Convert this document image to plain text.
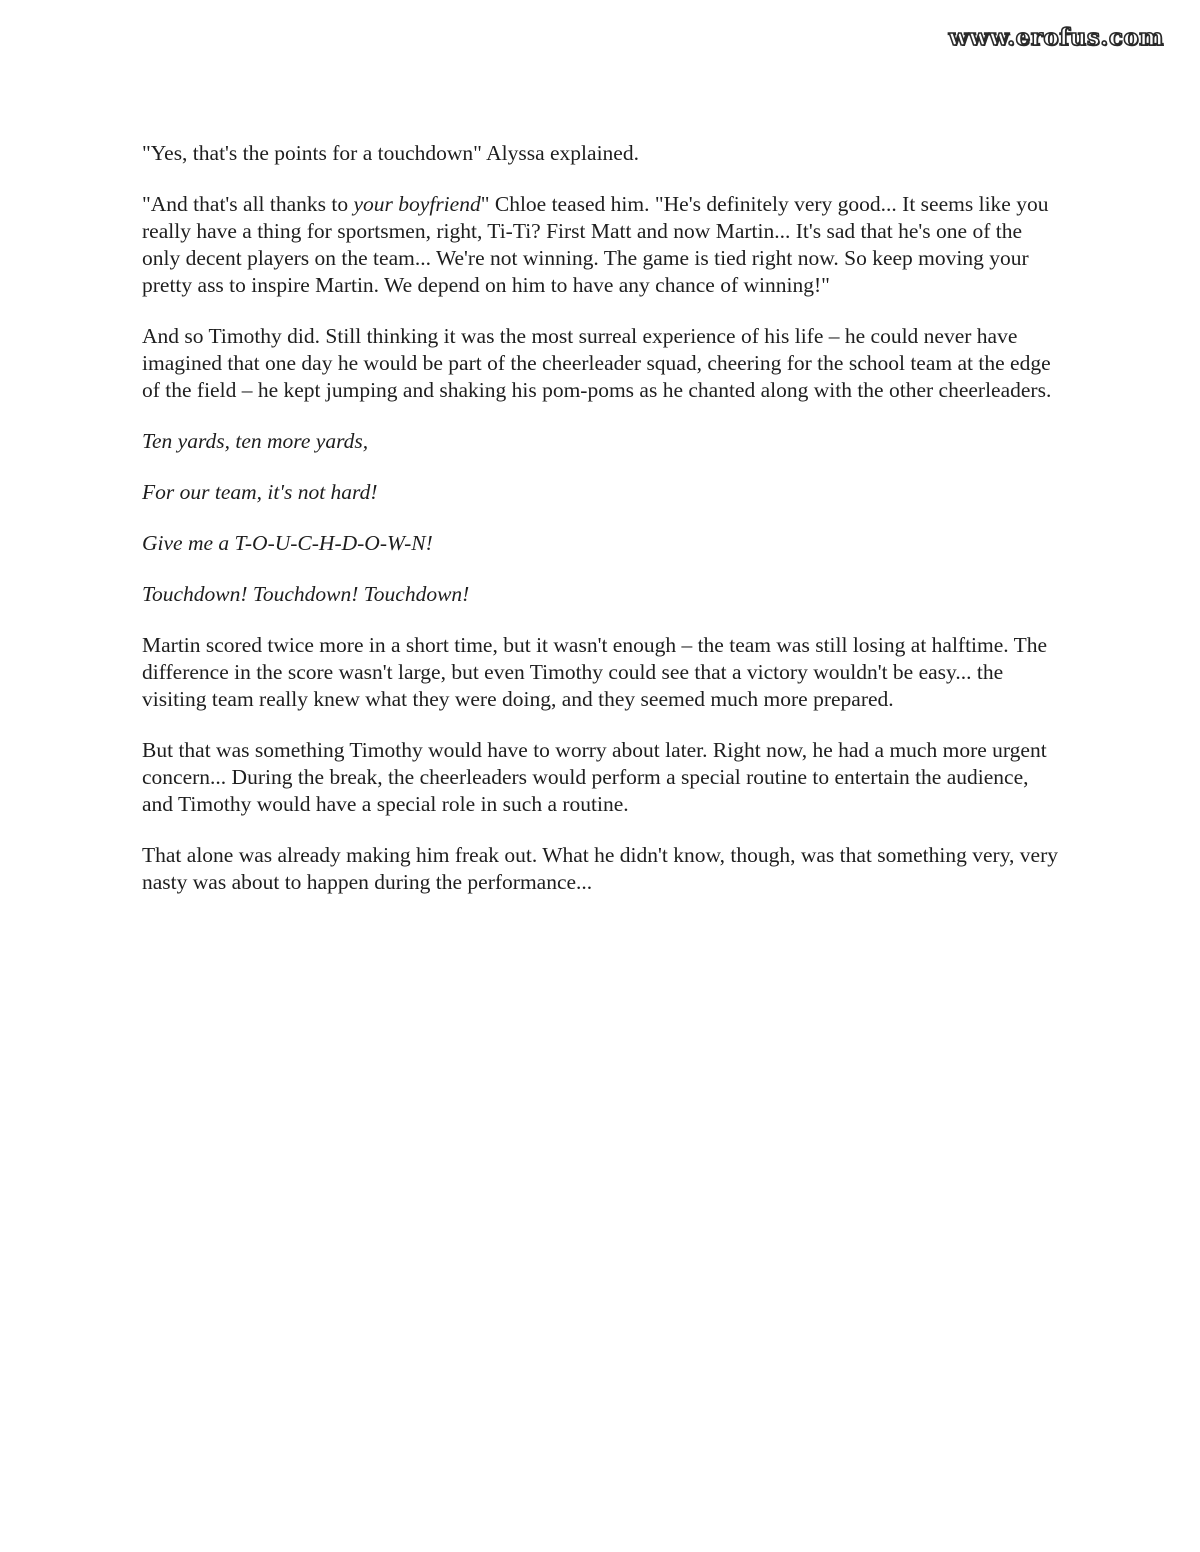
www.erofus.com

"Yes, that's the points for a touchdown" Alyssa explained.

"And that's all thanks to your boyfriend" Chloe teased him. "He's definitely very good... It seems like you really have a thing for sportsmen, right, Ti-Ti? First Matt and now Martin... It's sad that he's one of the only decent players on the team... We're not winning. The game is tied right now. So keep moving your pretty ass to inspire Martin. We depend on him to have any chance of winning!"

And so Timothy did. Still thinking it was the most surreal experience of his life – he could never have imagined that one day he would be part of the cheerleader squad, cheering for the school team at the edge of the field – he kept jumping and shaking his pom-poms as he chanted along with the other cheerleaders.

Ten yards, ten more yards,

For our team, it's not hard!

Give me a T-O-U-C-H-D-O-W-N!

Touchdown! Touchdown! Touchdown!

Martin scored twice more in a short time, but it wasn't enough – the team was still losing at halftime. The difference in the score wasn't large, but even Timothy could see that a victory wouldn't be easy... the visiting team really knew what they were doing, and they seemed much more prepared.

But that was something Timothy would have to worry about later. Right now, he had a much more urgent concern... During the break, the cheerleaders would perform a special routine to entertain the audience, and Timothy would have a special role in such a routine.

That alone was already making him freak out. What he didn't know, though, was that something very, very nasty was about to happen during the performance...
